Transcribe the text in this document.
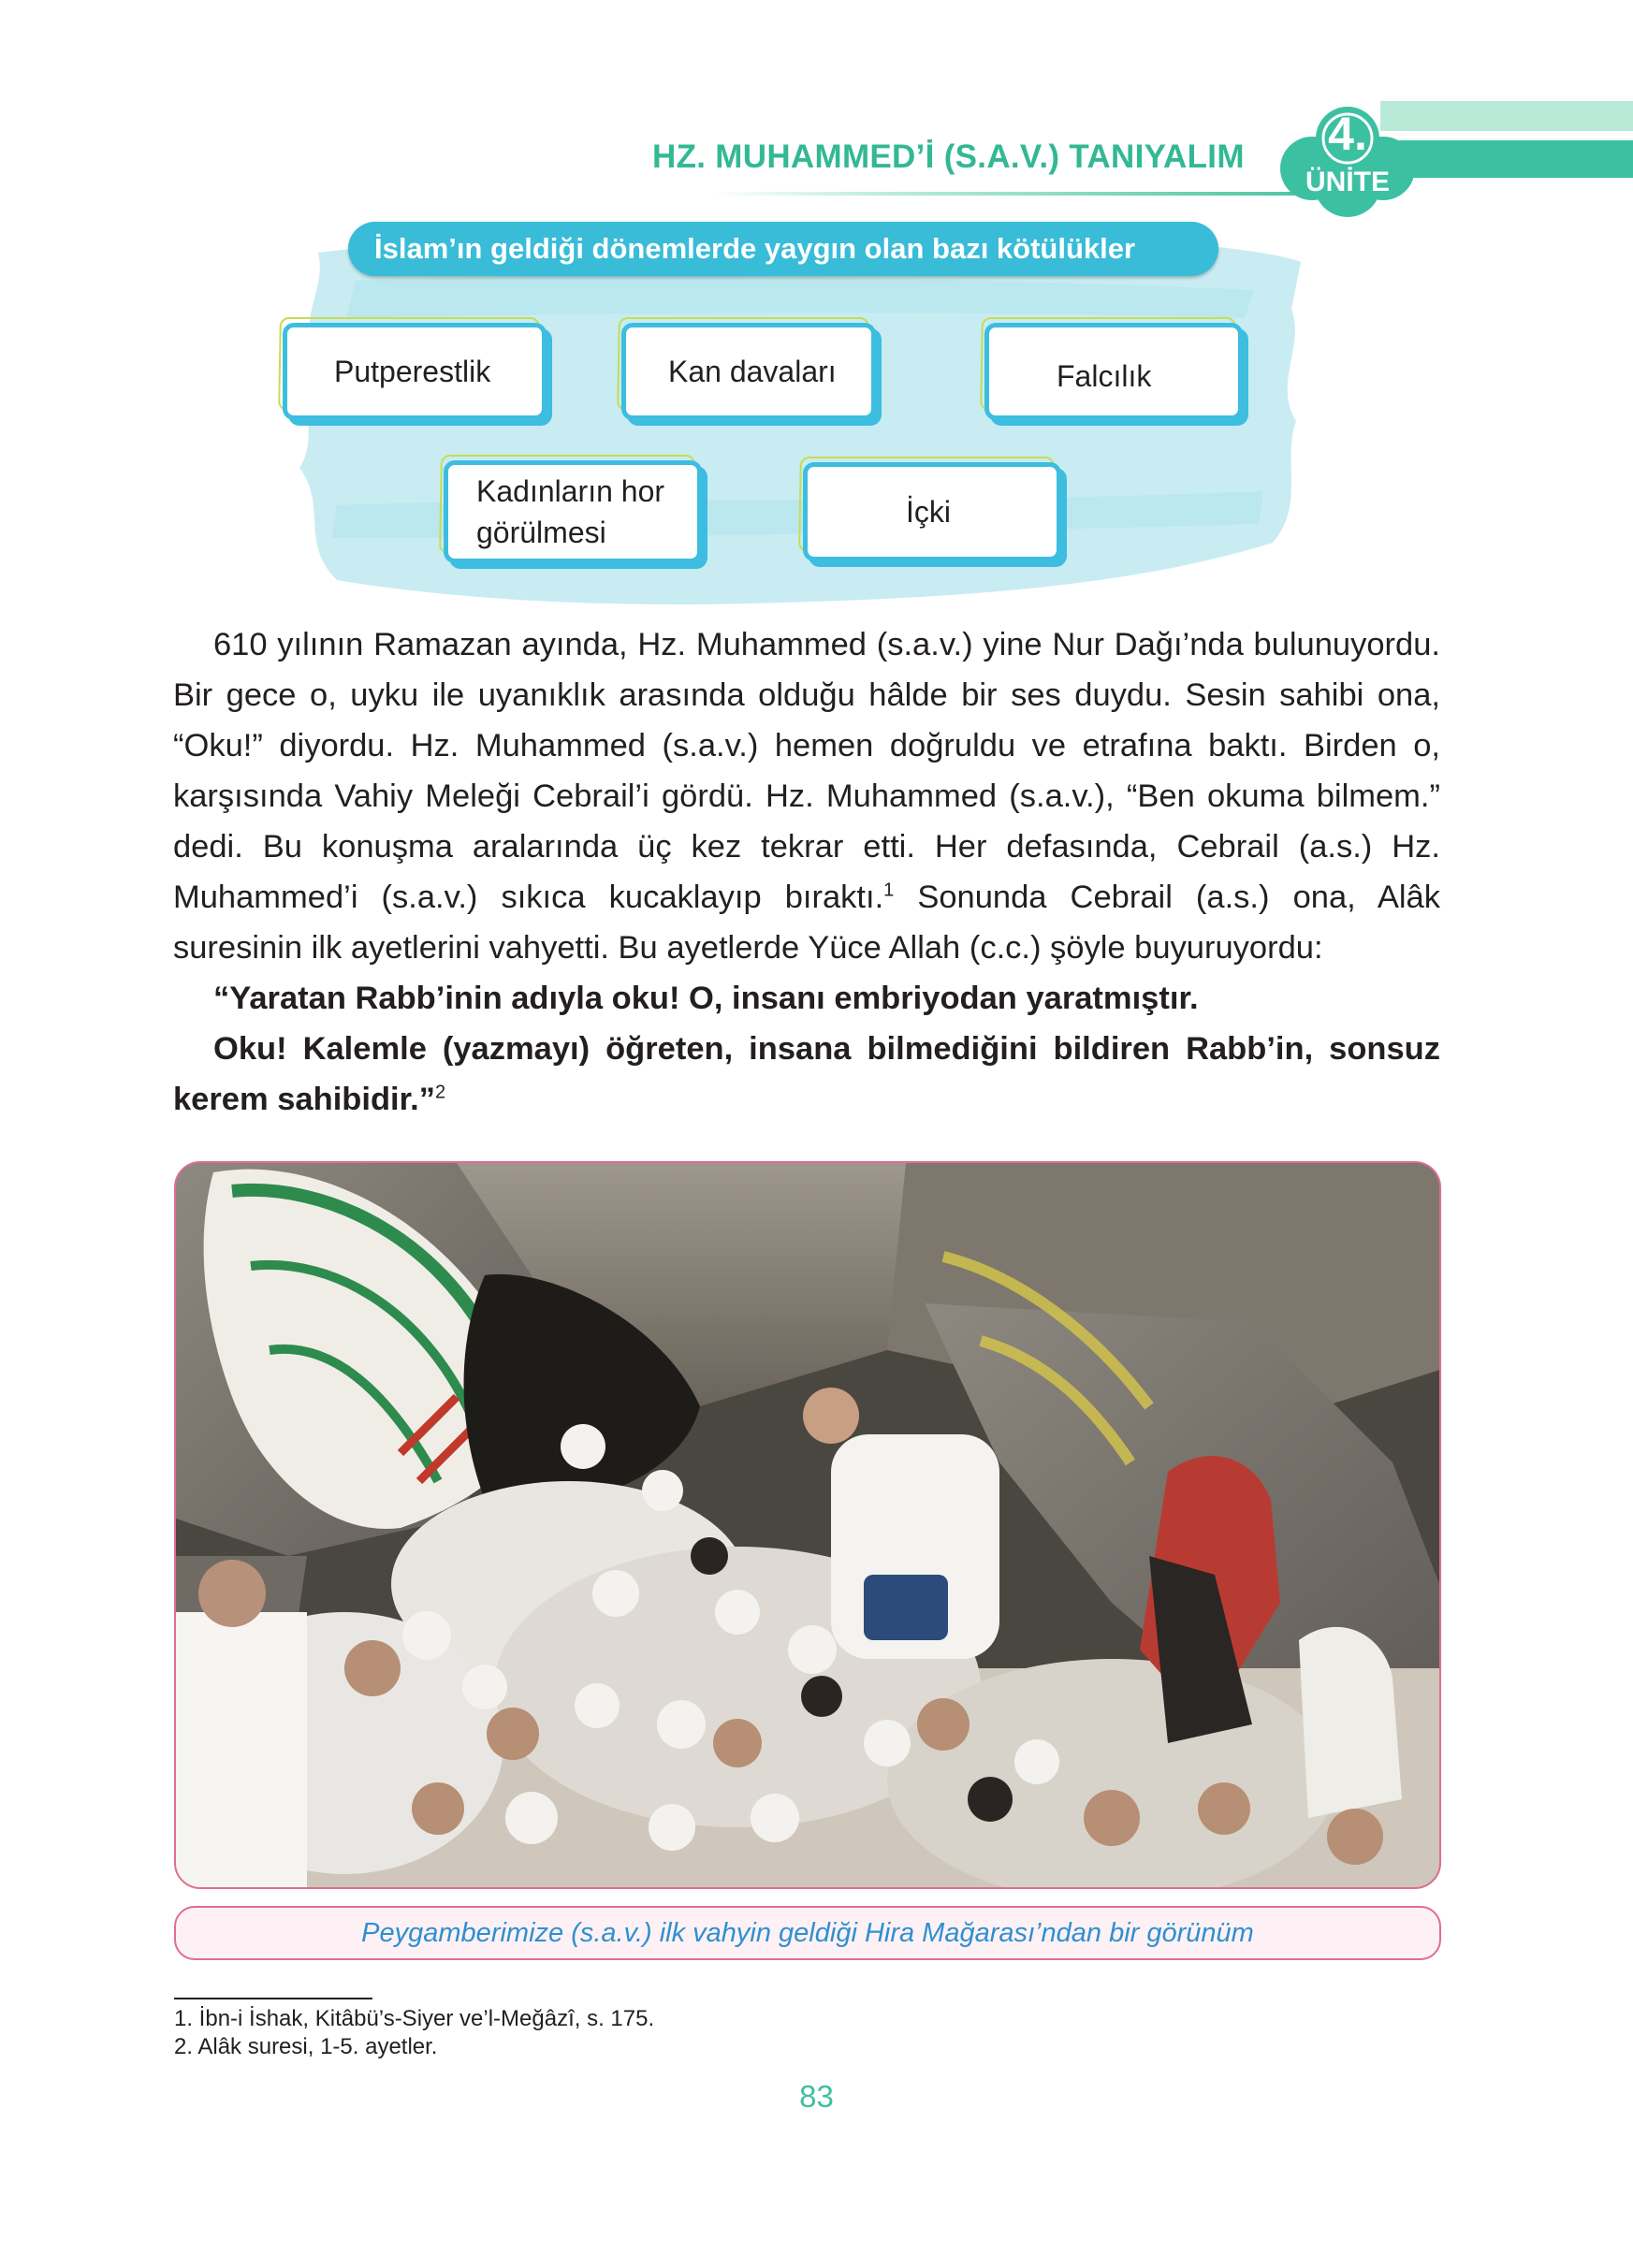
HZ. MUHAMMED’İ (S.A.V.) TANIYALIM 4.
ÜNİTE
İslam’ın geldiği dönemlerde yaygın olan bazı kötülükler
Putperestlik	Kan davaları	Falcılık
Kadınların hor görülmesi
İçki

610 yılının Ramazan ayında, Hz. Muhammed (s.a.v.) yine Nur Dağı’nda bulunuyordu. Bir gece o, uyku ile uyanıklık arasında olduğu hâlde bir ses duydu. Sesin sahibi ona, “Oku!” diyordu. Hz. Muhammed (s.a.v.) hemen doğruldu ve etrafına baktı. Birden o, karşısında Vahiy Meleği Cebrail’i gördü. Hz. Muhammed (s.a.v.), “Ben okuma bilmem.” dedi. Bu konuşma aralarında üç kez tekrar etti. Her defasında, Cebrail (a.s.) Hz. Muhammed’i (s.a.v.) sıkıca kucaklayıp bıraktı.$^1$ Sonunda Cebrail (a.s.) ona, Alâk suresinin ilk ayetlerini vahyetti. Bu ayetlerde Yüce Allah (c.c.) şöyle buyuruyordu:

“Yaratan Rabb’inin adıyla oku! O, insanı embriyodan yaratmıştır.

Oku! Kalemle (yazmayı) öğreten, insana bilmediğini bildiren Rabb’in, sonsuz kerem sahibidir.”$^2$

Peygamberimize (s.a.v.) ilk vahyin geldiği Hira Mağarası’ndan bir görünüm
1. İbn-i İshak, Kitâbü’s-Siyer ve’l-Meğâzî, s. 175.
2. Alâk suresi, 1-5. ayetler.
83
